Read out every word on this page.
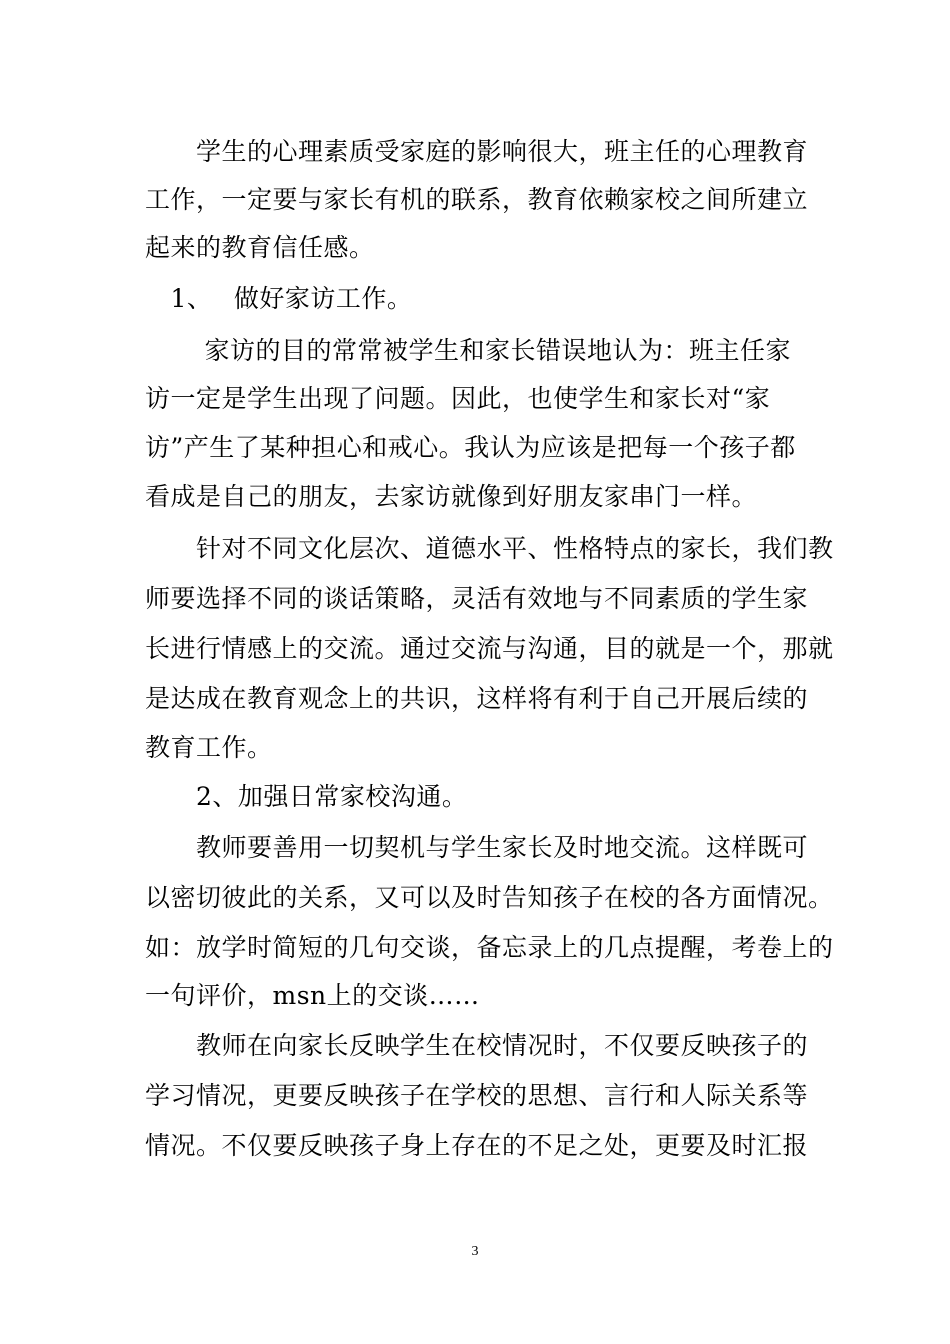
　　学生的心理素质受家庭的影响很大，班主任的心理教育
工作，一定要与家长有机的联系，教育依赖家校之间所建立
起来的教育信任感。
　1、　 做好家访工作。
　　 家访的目的常常被学生和家长错误地认为：班主任家
访一定是学生出现了问题。因此，也使学生和家长对“家
访”产生了某种担心和戒心。我认为应该是把每一个孩子都
看成是自己的朋友，去家访就像到好朋友家串门一样。
　　针对不同文化层次、道德水平、性格特点的家长，我们教
师要选择不同的谈话策略，灵活有效地与不同素质的学生家
长进行情感上的交流。通过交流与沟通，目的就是一个，那就
是达成在教育观念上的共识，这样将有利于自己开展后续的
教育工作。
　　2、加强日常家校沟通。
　　教师要善用一切契机与学生家长及时地交流。这样既可
以密切彼此的关系，又可以及时告知孩子在校的各方面情况。
如：放学时简短的几句交谈，备忘录上的几点提醒，考卷上的
一句评价，msn上的交谈……
　　教师在向家长反映学生在校情况时，不仅要反映孩子的
学习情况，更要反映孩子在学校的思想、言行和人际关系等
情况。不仅要反映孩子身上存在的不足之处，更要及时汇报
3
